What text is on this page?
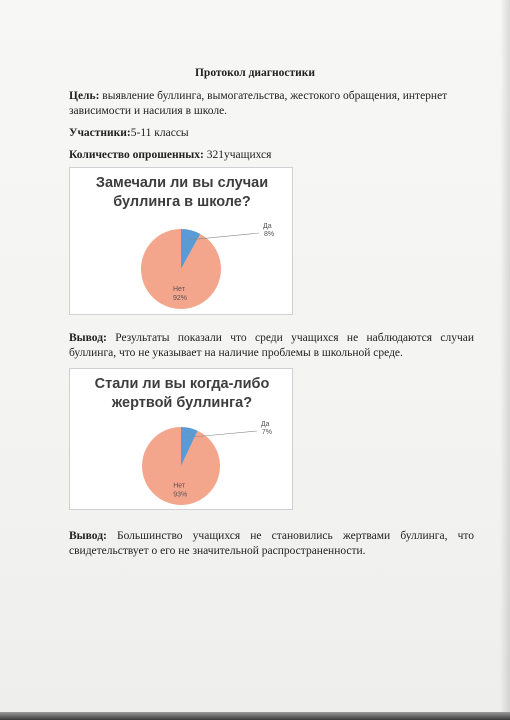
Протокол диагностики
Цель: выявление буллинга, вымогательства, жестокого обращения, интернет зависимости и насилия в школе.
Участники:5-11 классы
Количество опрошенных: 321учащихся
Замечали ли вы случаи
буллинга в школе?
Да
8%
Нет
92%
Вывод: Результаты показали что среди учащихся не наблюдаются случаи буллинга, что не указывает на наличие проблемы в школьной среде.
Стали ли вы когда-либо
жертвой буллинга?
Да
7%
Нет
93%
Вывод: Большинство учащихся не становились жертвами буллинга, что свидетельствует о его не значительной распространенности.
